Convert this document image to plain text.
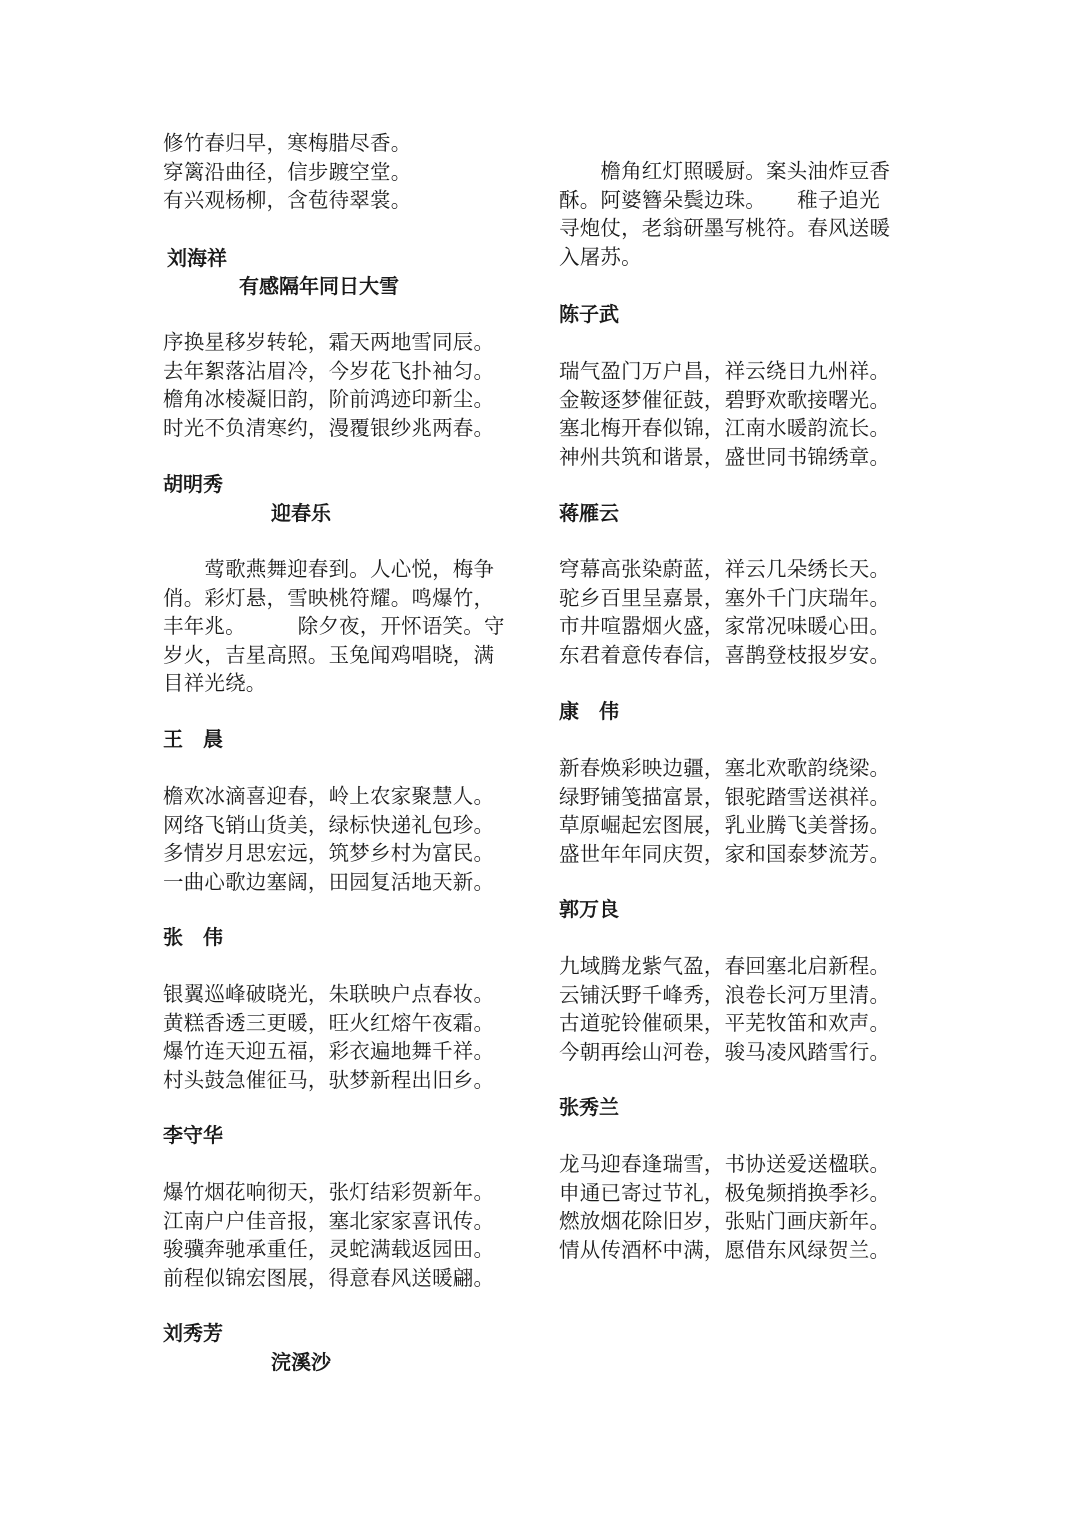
修竹春归早，寒梅腊尽香。
穿篱沿曲径，信步踱空堂。
有兴观杨柳，含苞待翠裳。
刘海祥
有感隔年同日大雪
序换星移岁转轮，霜天两地雪同辰。
去年絮落沾眉冷，今岁花飞扑袖匀。
檐角冰棱凝旧韵，阶前鸿迹印新尘。
时光不负清寒约，漫覆银纱兆两春。
胡明秀
迎春乐
　　莺歌燕舞迎春到。人心悦，梅争
俏。彩灯悬，雪映桃符耀。鸣爆竹，
丰年兆。　　　除夕夜，开怀语笑。守
岁火，吉星高照。玉兔闻鸡唱晓，满
目祥光绕。
王　晨
檐欢冰滴喜迎春，岭上农家聚慧人。
网络飞销山货美，绿标快递礼包珍。
多情岁月思宏远，筑梦乡村为富民。
一曲心歌边塞阔，田园复活地天新。
张　伟
银翼巡峰破晓光，朱联映户点春妆。
黄糕香透三更暖，旺火红熔午夜霜。
爆竹连天迎五福，彩衣遍地舞千祥。
村头鼓急催征马，驮梦新程出旧乡。
李守华
爆竹烟花响彻天，张灯结彩贺新年。
江南户户佳音报，塞北家家喜讯传。
骏骥奔驰承重任，灵蛇满载返园田。
前程似锦宏图展，得意春风送暖翩。
刘秀芳
浣溪沙
　　檐角红灯照暖厨。案头油炸豆香
酥。阿婆簪朵鬓边珠。　　稚子追光
寻炮仗，老翁研墨写桃符。春风送暖
入屠苏。
陈子武
瑞气盈门万户昌，祥云绕日九州祥。
金鞍逐梦催征鼓，碧野欢歌接曙光。
塞北梅开春似锦，江南水暖韵流长。
神州共筑和谐景，盛世同书锦绣章。
蒋雁云
穹幕高张染蔚蓝，祥云几朵绣长天。
驼乡百里呈嘉景，塞外千门庆瑞年。
市井喧嚣烟火盛，家常况味暖心田。
东君着意传春信，喜鹊登枝报岁安。
康　伟
新春焕彩映边疆，塞北欢歌韵绕梁。
绿野铺笺描富景，银驼踏雪送祺祥。
草原崛起宏图展，乳业腾飞美誉扬。
盛世年年同庆贺，家和国泰梦流芳。
郭万良
九域腾龙紫气盈，春回塞北启新程。
云铺沃野千峰秀，浪卷长河万里清。
古道驼铃催硕果，平芜牧笛和欢声。
今朝再绘山河卷，骏马凌风踏雪行。
张秀兰
龙马迎春逢瑞雪，书协送爱送楹联。
申通已寄过节礼，极兔频捎换季衫。
燃放烟花除旧岁，张贴门画庆新年。
情从传酒杯中满，愿借东风绿贺兰。
